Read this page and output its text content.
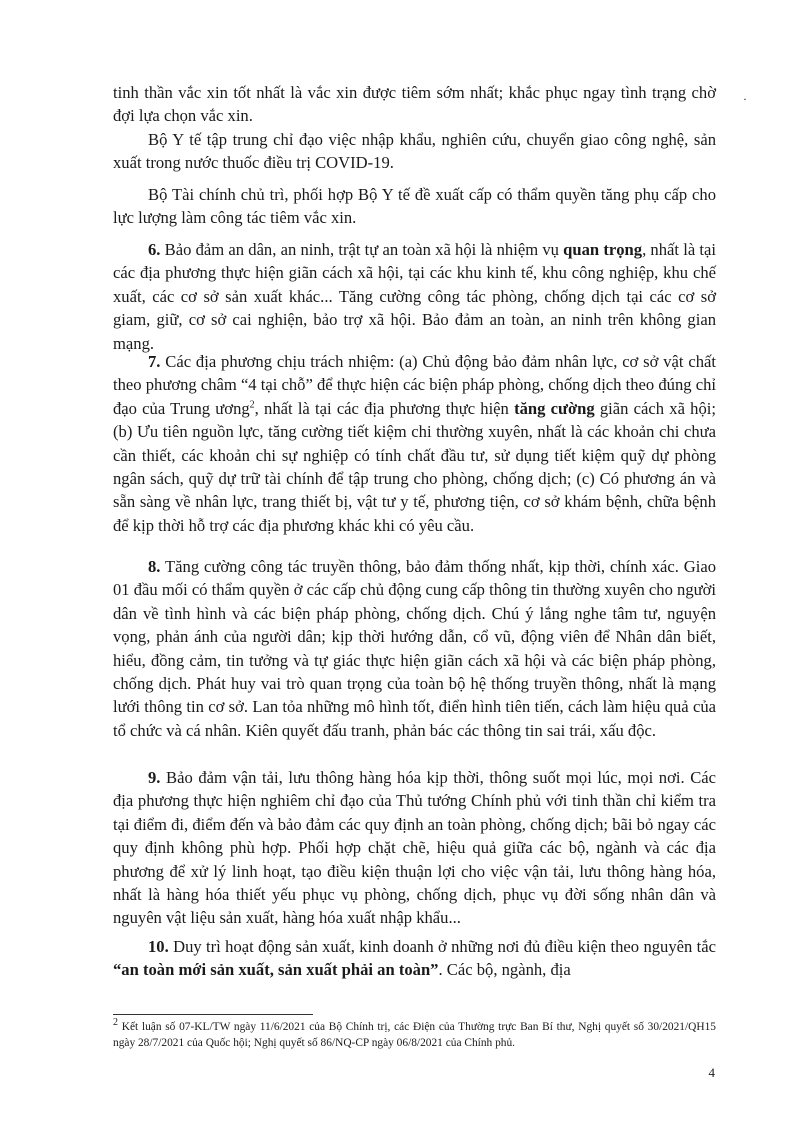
·

tinh thần vắc xin tốt nhất là vắc xin được tiêm sớm nhất; khắc phục ngay tình trạng chờ đợi lựa chọn vắc xin.

Bộ Y tế tập trung chỉ đạo việc nhập khẩu, nghiên cứu, chuyển giao công nghệ, sản xuất trong nước thuốc điều trị COVID-19.

Bộ Tài chính chủ trì, phối hợp Bộ Y tế đề xuất cấp có thẩm quyền tăng phụ cấp cho lực lượng làm công tác tiêm vắc xin.

6. Bảo đảm an dân, an ninh, trật tự an toàn xã hội là nhiệm vụ quan trọng, nhất là tại các địa phương thực hiện giãn cách xã hội, tại các khu kinh tế, khu công nghiệp, khu chế xuất, các cơ sở sản xuất khác... Tăng cường công tác phòng, chống dịch tại các cơ sở giam, giữ, cơ sở cai nghiện, bảo trợ xã hội. Bảo đảm an toàn, an ninh trên không gian mạng.

7. Các địa phương chịu trách nhiệm: (a) Chủ động bảo đảm nhân lực, cơ sở vật chất theo phương châm “4 tại chỗ” để thực hiện các biện pháp phòng, chống dịch theo đúng chỉ đạo của Trung ương$^2$, nhất là tại các địa phương thực hiện tăng cường giãn cách xã hội; (b) Ưu tiên nguồn lực, tăng cường tiết kiệm chi thường xuyên, nhất là các khoản chi chưa cần thiết, các khoản chi sự nghiệp có tính chất đầu tư, sử dụng tiết kiệm quỹ dự phòng ngân sách, quỹ dự trữ tài chính để tập trung cho phòng, chống dịch; (c) Có phương án và sẵn sàng về nhân lực, trang thiết bị, vật tư y tế, phương tiện, cơ sở khám bệnh, chữa bệnh để kịp thời hỗ trợ các địa phương khác khi có yêu cầu.

8. Tăng cường công tác truyền thông, bảo đảm thống nhất, kịp thời, chính xác. Giao 01 đầu mối có thẩm quyền ở các cấp chủ động cung cấp thông tin thường xuyên cho người dân về tình hình và các biện pháp phòng, chống dịch. Chú ý lắng nghe tâm tư, nguyện vọng, phản ánh của người dân; kịp thời hướng dẫn, cổ vũ, động viên để Nhân dân biết, hiểu, đồng cảm, tin tưởng và tự giác thực hiện giãn cách xã hội và các biện pháp phòng, chống dịch. Phát huy vai trò quan trọng của toàn bộ hệ thống truyền thông, nhất là mạng lưới thông tin cơ sở. Lan tỏa những mô hình tốt, điển hình tiên tiến, cách làm hiệu quả của tổ chức và cá nhân. Kiên quyết đấu tranh, phản bác các thông tin sai trái, xấu độc.

9. Bảo đảm vận tải, lưu thông hàng hóa kịp thời, thông suốt mọi lúc, mọi nơi. Các địa phương thực hiện nghiêm chỉ đạo của Thủ tướng Chính phủ với tinh thần chỉ kiểm tra tại điểm đi, điểm đến và bảo đảm các quy định an toàn phòng, chống dịch; bãi bỏ ngay các quy định không phù hợp. Phối hợp chặt chẽ, hiệu quả giữa các bộ, ngành và các địa phương để xử lý linh hoạt, tạo điều kiện thuận lợi cho việc vận tải, lưu thông hàng hóa, nhất là hàng hóa thiết yếu phục vụ phòng, chống dịch, phục vụ đời sống nhân dân và nguyên vật liệu sản xuất, hàng hóa xuất nhập khẩu...

10. Duy trì hoạt động sản xuất, kinh doanh ở những nơi đủ điều kiện theo nguyên tắc “an toàn mới sản xuất, sản xuất phải an toàn”. Các bộ, ngành, địa

$^2$ Kết luận số 07-KL/TW ngày 11/6/2021 của Bộ Chính trị, các Điện của Thường trực Ban Bí thư, Nghị quyết số 30/2021/QH15 ngày 28/7/2021 của Quốc hội; Nghị quyết số 86/NQ-CP ngày 06/8/2021 của Chính phủ.

4
